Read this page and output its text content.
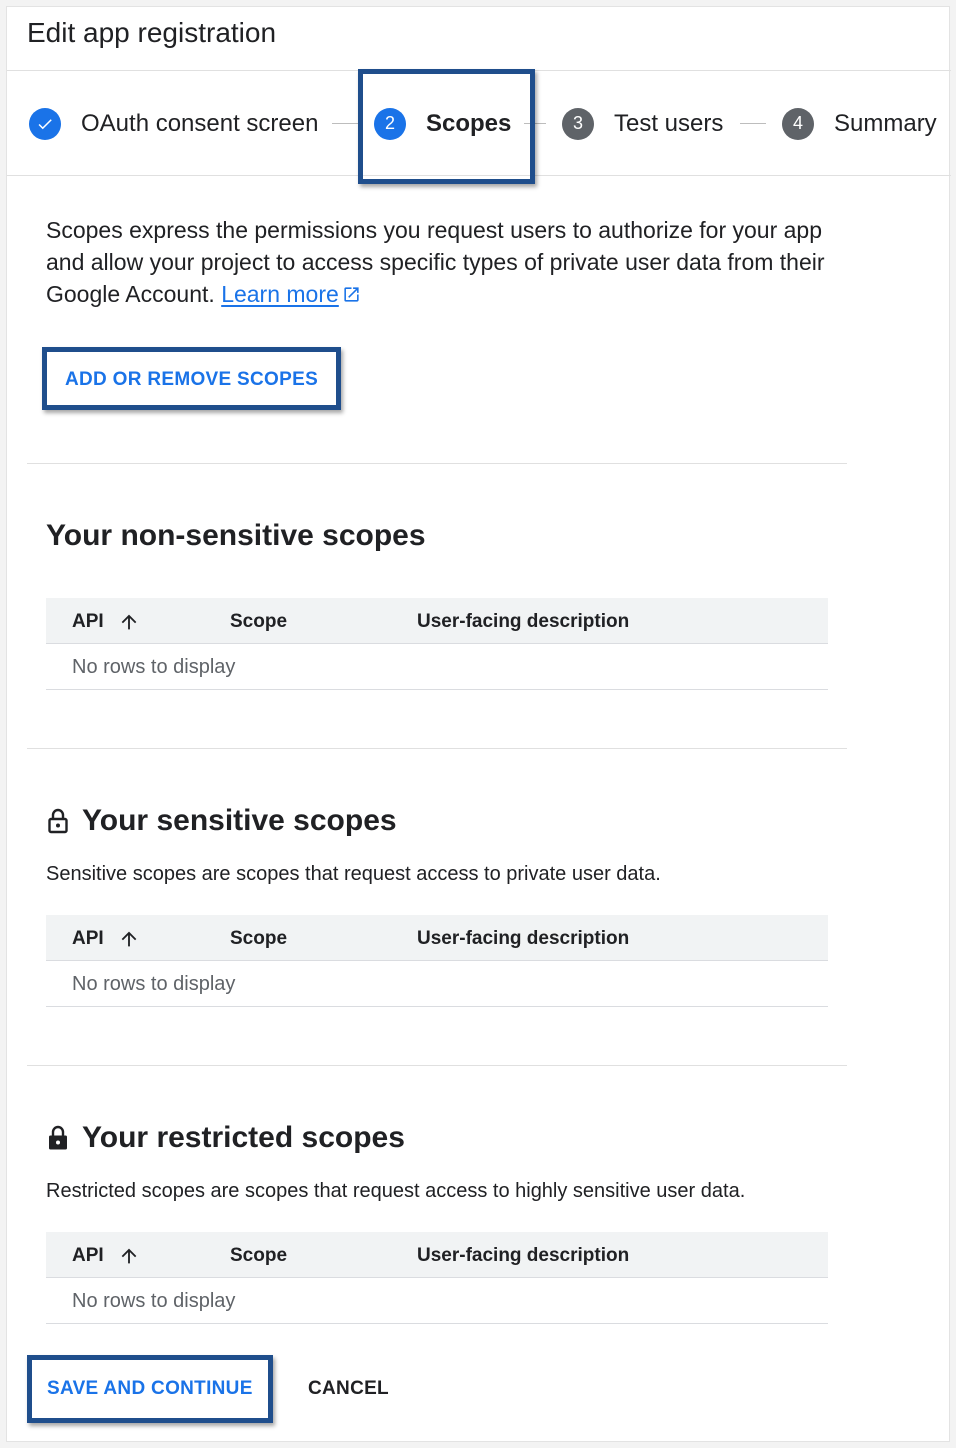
Edit app registration
OAuth consent screen	2	Scopes	3	Test users	4	Summary

Scopes express the permissions you request users to authorize for your app and allow your project to access specific types of private user data from their Google Account. Learn more

ADD OR REMOVE SCOPES
Your non-sensitive scopes
API	Scope	User-facing description
No rows to display
Your sensitive scopes

Sensitive scopes are scopes that request access to private user data.

API	Scope	User-facing description
No rows to display
Your restricted scopes

Restricted scopes are scopes that request access to highly sensitive user data.

API	Scope	User-facing description
No rows to display
SAVE AND CONTINUE	CANCEL
